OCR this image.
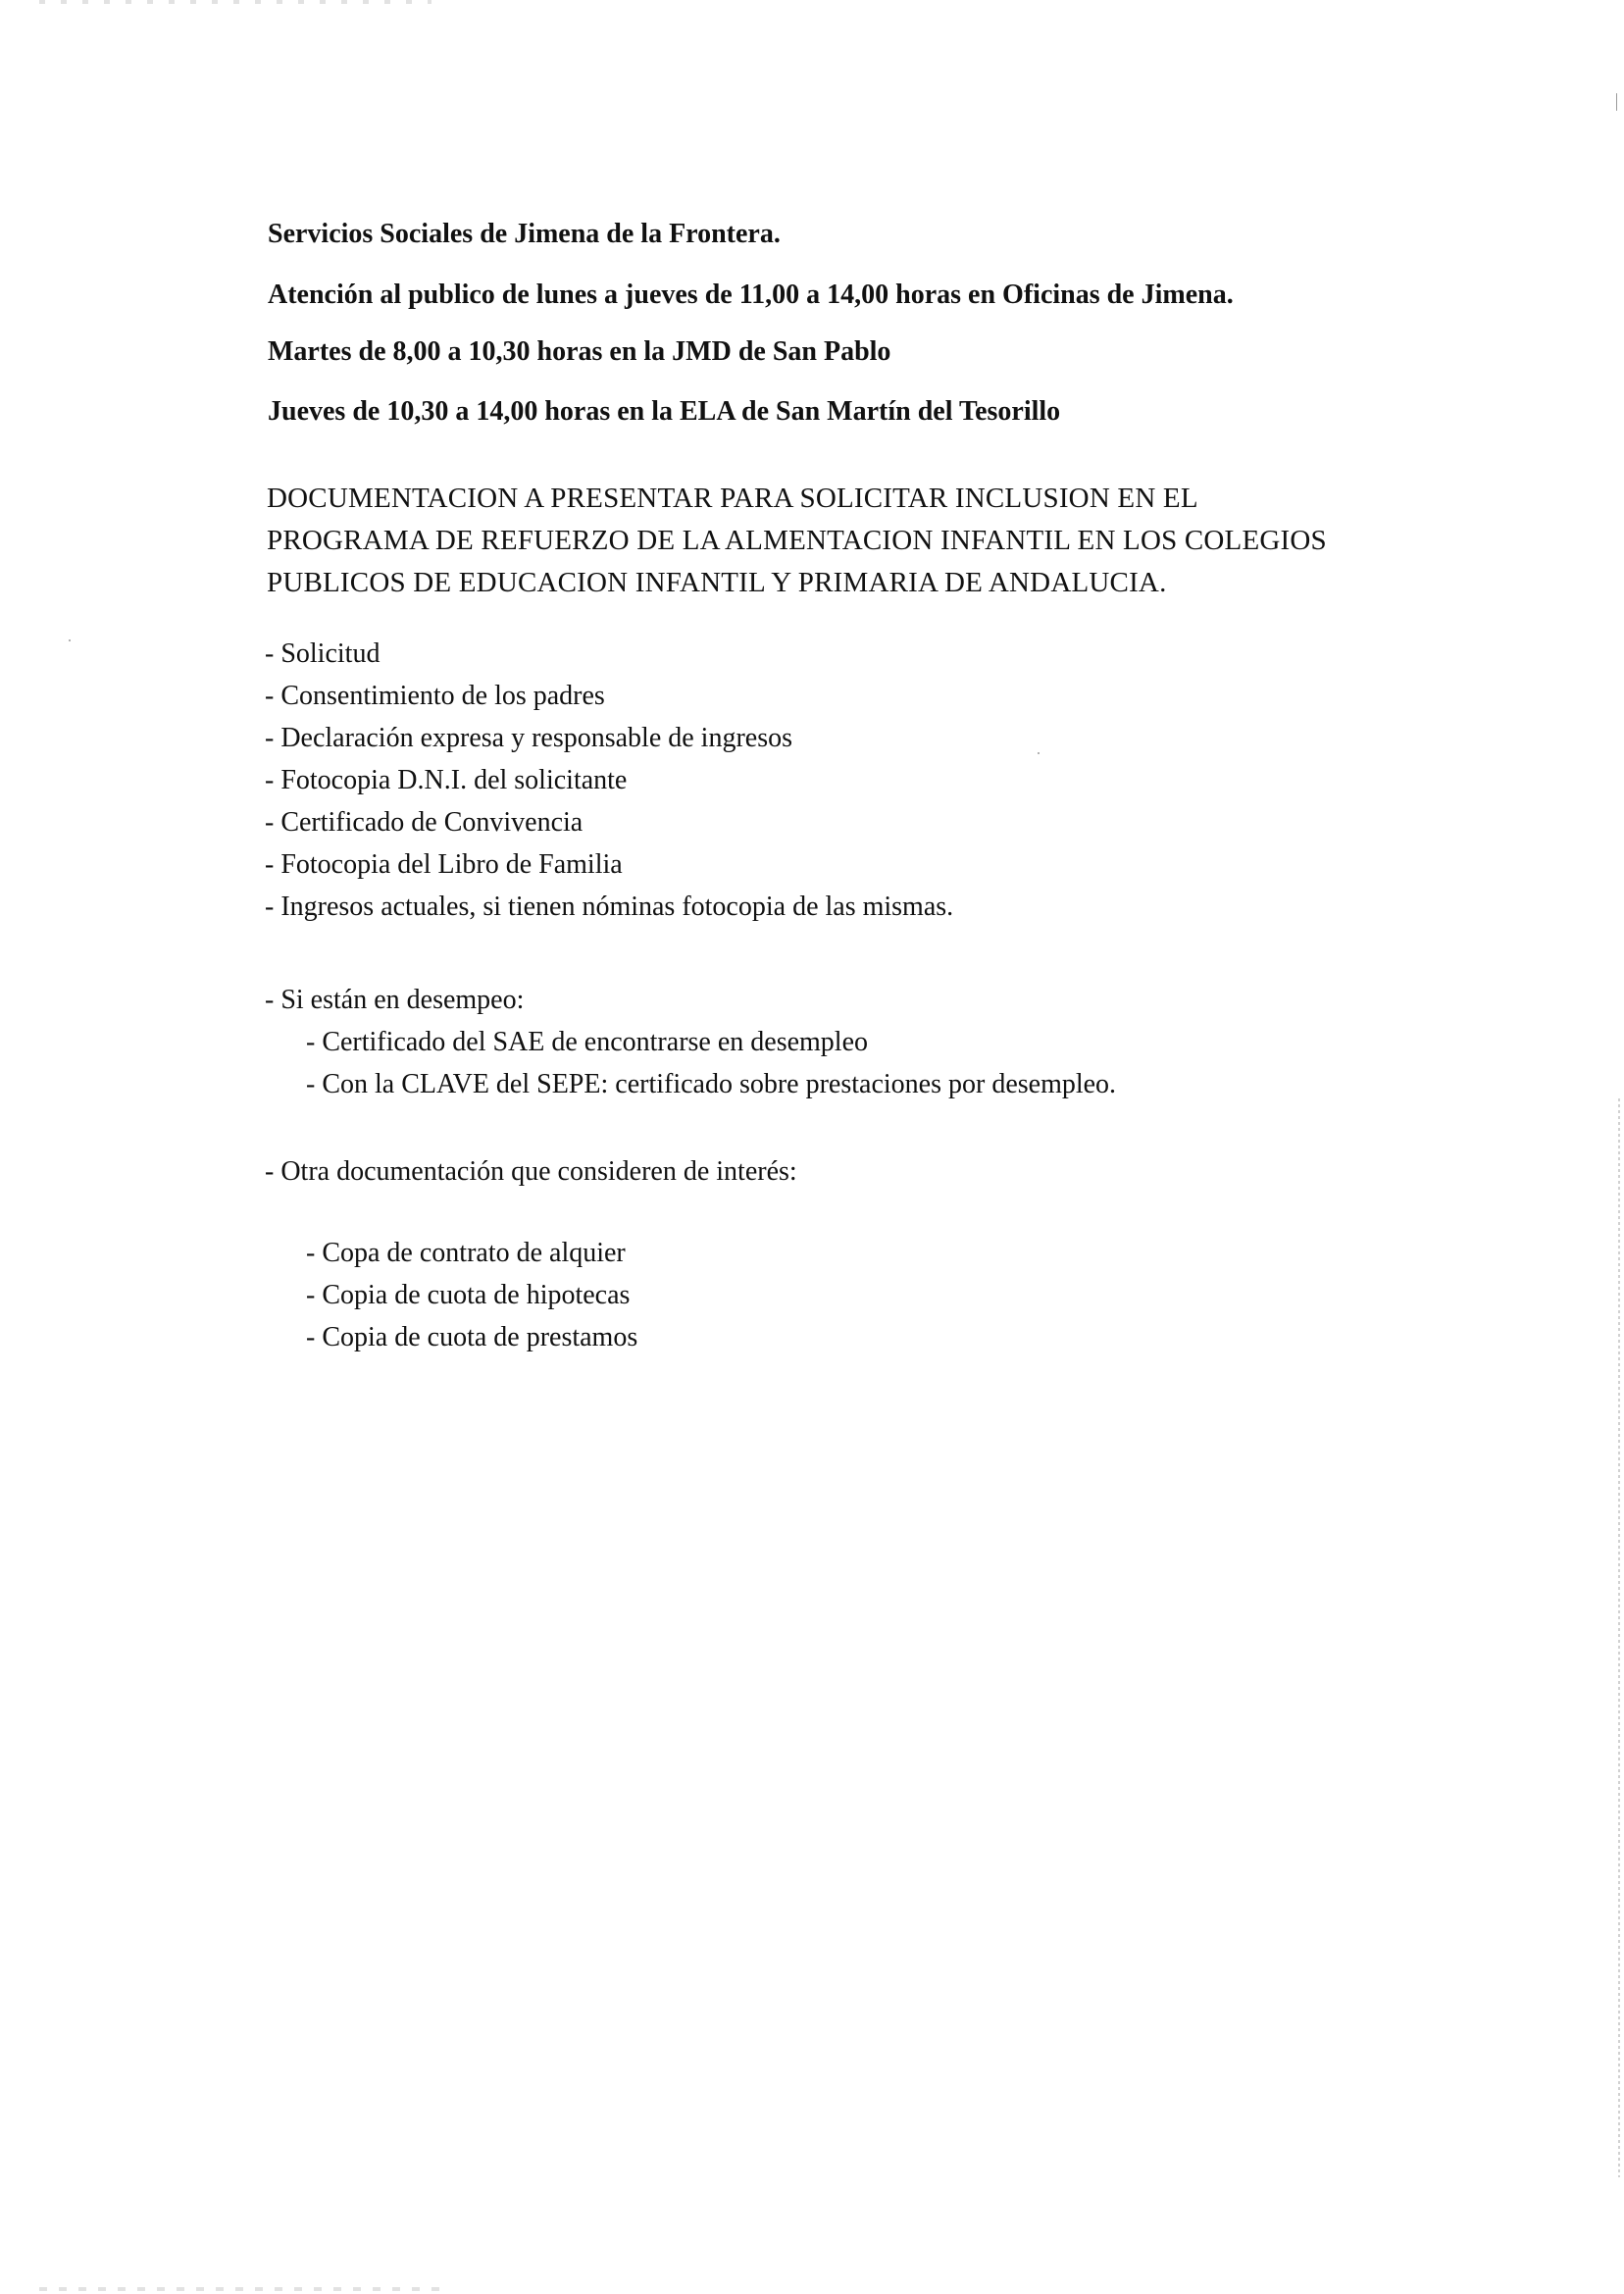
Servicios Sociales de Jimena de la Frontera.
Atención al publico de lunes a jueves de 11,00 a 14,00 horas en Oficinas de Jimena.
Martes de 8,00 a 10,30 horas en la JMD de San Pablo
Jueves de 10,30 a 14,00 horas en la ELA de San Martín del Tesorillo
DOCUMENTACION A PRESENTAR PARA SOLICITAR INCLUSION EN EL
PROGRAMA DE REFUERZO DE LA ALMENTACION INFANTIL EN LOS COLEGIOS
PUBLICOS DE EDUCACION INFANTIL Y PRIMARIA DE ANDALUCIA.
- Solicitud
- Consentimiento de los padres
- Declaración expresa y responsable de ingresos
- Fotocopia D.N.I. del solicitante
- Certificado de Convivencia
- Fotocopia del Libro de Familia
- Ingresos actuales, si tienen nóminas fotocopia de las mismas.
- Si están en desempeo:
- Certificado del SAE de encontrarse en desempleo
- Con la CLAVE del SEPE: certificado sobre prestaciones por desempleo.
- Otra documentación que consideren de interés:
- Copa de contrato de alquier
- Copia de cuota de hipotecas
- Copia de cuota de prestamos
